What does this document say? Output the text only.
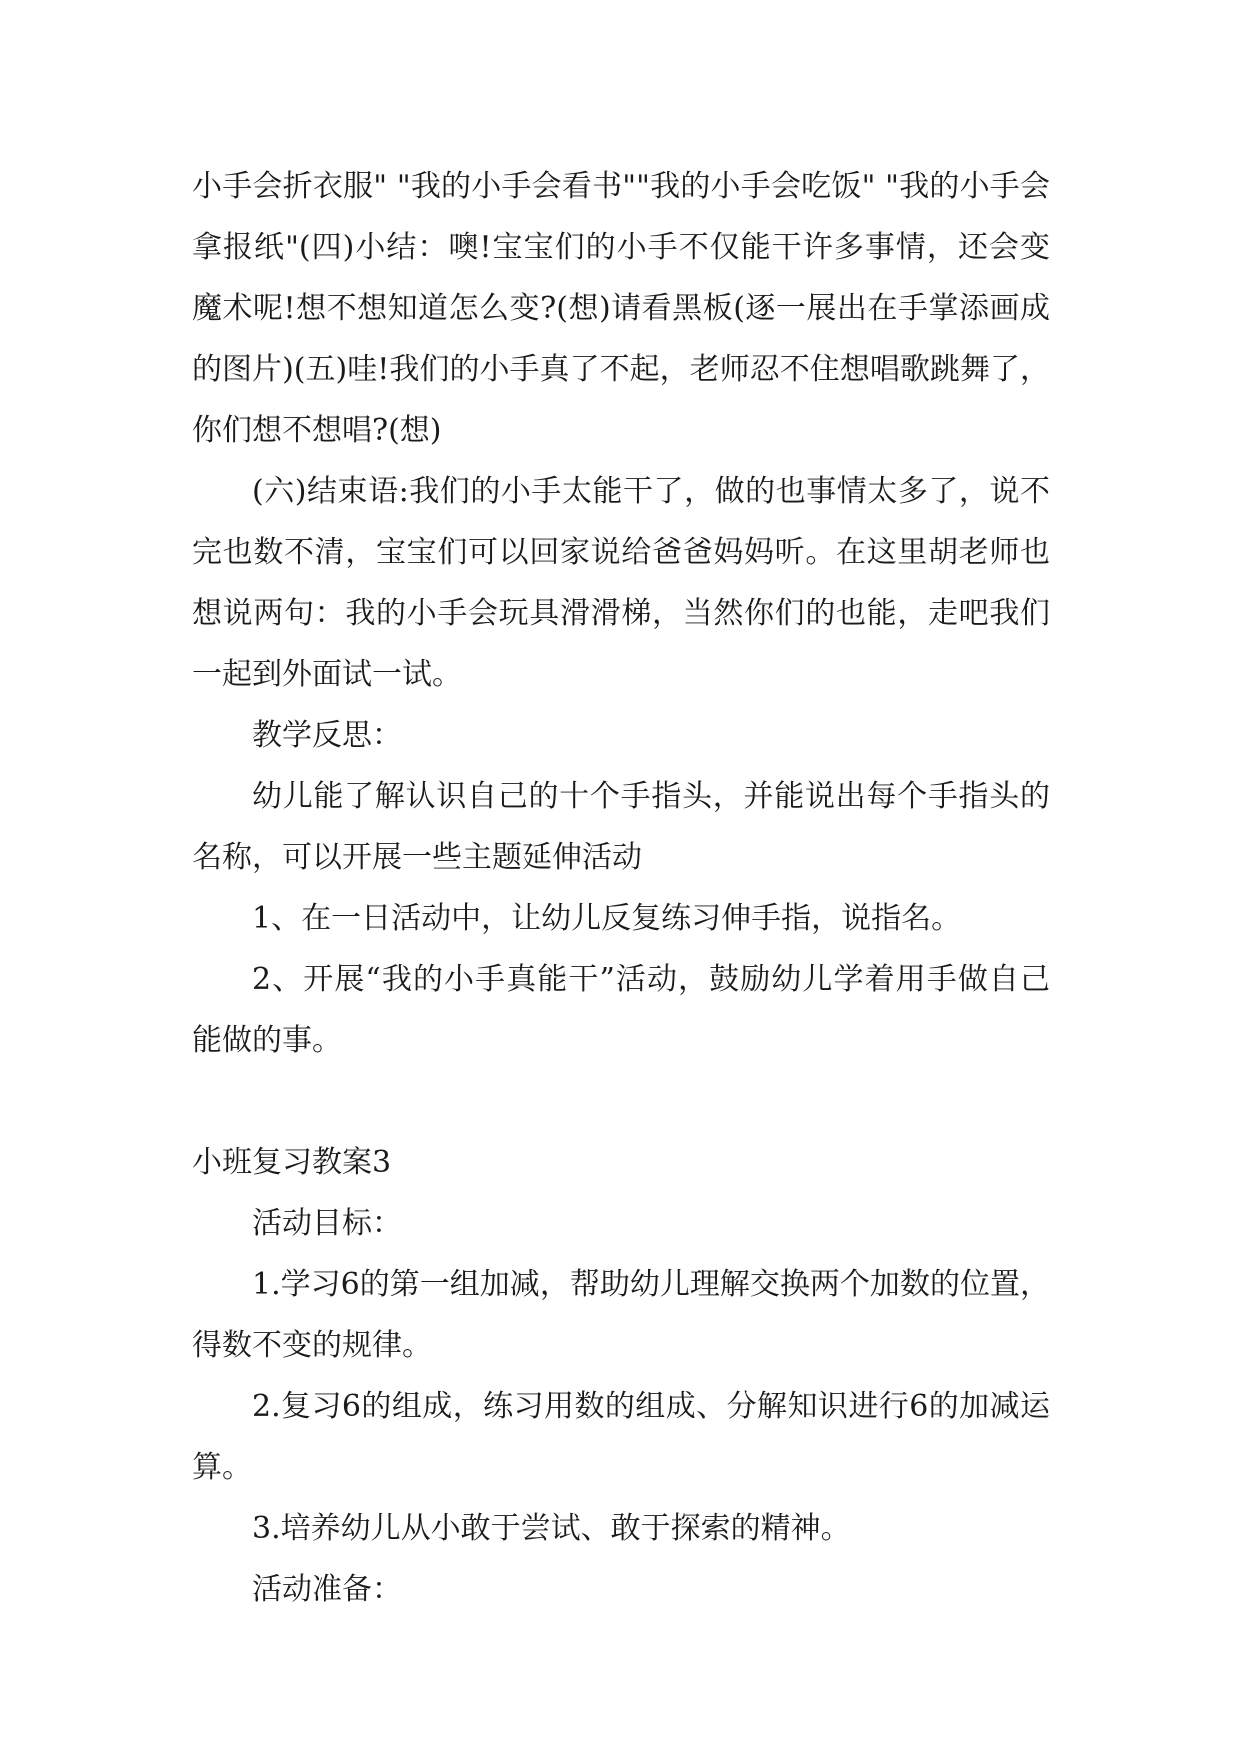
小手会折衣服" "我的小手会看书""我的小手会吃饭" "我的小手会拿报纸"(四)小结：噢!宝宝们的小手不仅能干许多事情，还会变魔术呢!想不想知道怎么变?(想)请看黑板(逐一展出在手掌添画成的图片)(五)哇!我们的小手真了不起，老师忍不住想唱歌跳舞了，你们想不想唱?(想)

(六)结束语:我们的小手太能干了，做的也事情太多了，说不完也数不清，宝宝们可以回家说给爸爸妈妈听。在这里胡老师也想说两句：我的小手会玩具滑滑梯，当然你们的也能，走吧我们一起到外面试一试。

教学反思：

幼儿能了解认识自己的十个手指头，并能说出每个手指头的名称，可以开展一些主题延伸活动

1、在一日活动中，让幼儿反复练习伸手指，说指名。

2、开展“我的小手真能干”活动，鼓励幼儿学着用手做自己能做的事。

小班复习教案3

活动目标：

1.学习6的第一组加减，帮助幼儿理解交换两个加数的位置，得数不变的规律。

2.复习6的组成，练习用数的组成、分解知识进行6的加减运算。

3.培养幼儿从小敢于尝试、敢于探索的精神。

活动准备：
